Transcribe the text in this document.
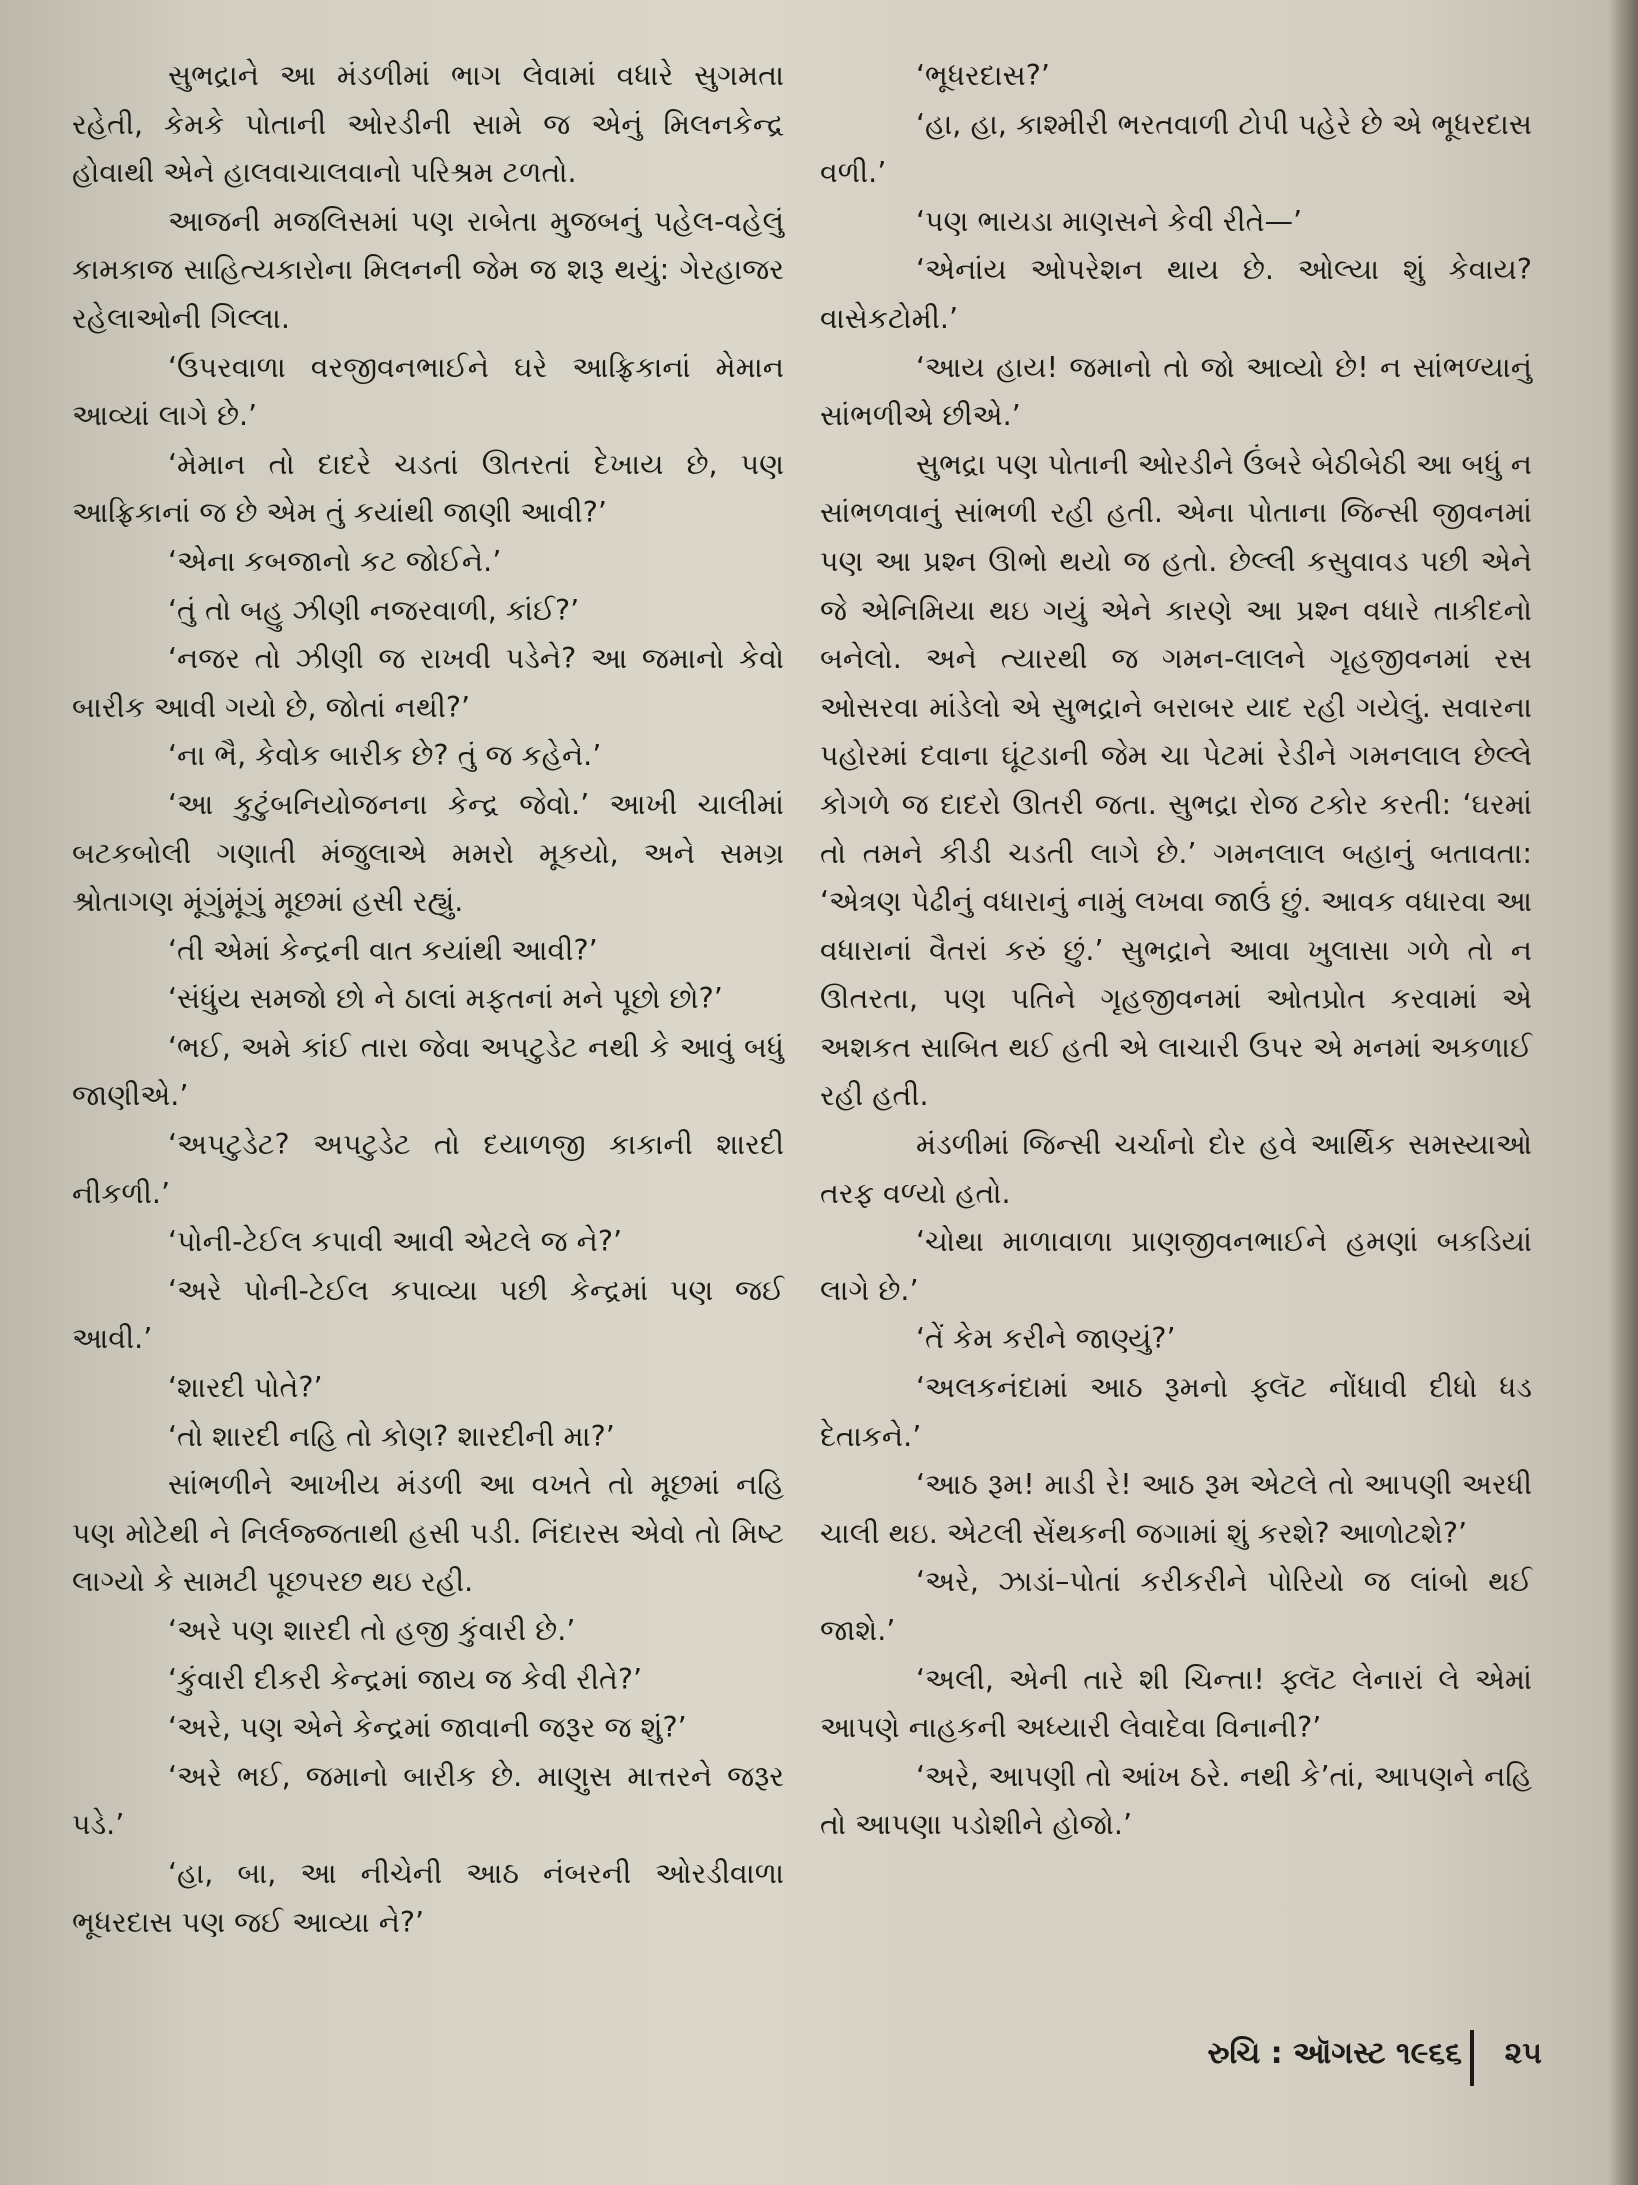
સુભદ્રાને આ મંડળીમાં ભાગ લેવામાં વધારે સુગમતા રહેતી, કેમકે પોતાની ઓરડીની સામે જ એનું મિલનકેન્દ્ર હોવાથી એને હાલવાચાલવાનો પરિશ્રમ ટળતો.

આજની મજલિસમાં પણ રાબેતા મુજબનું પહેલ-વહેલું કામકાજ સાહિત્યકારોના મિલનની જેમ જ શરૂ થયું: ગેરહાજર રહેલાઓની ગિલ્લા.

‘ઉપરવાળા વરજીવનભાઈને ઘરે આફ્રિકાનાં મેમાન આવ્યાં લાગે છે.’

‘મેમાન તો દાદરે ચડતાં ઊતરતાં દેખાય છે, પણ આફ્રિકાનાં જ છે એમ તું કયાંથી જાણી આવી?’

‘એના કબજાનો કટ જોઈને.’

‘તું તો બહુ ઝીણી નજરવાળી, કાંઈ?’

‘નજર તો ઝીણી જ રાખવી પડેને? આ જમાનો કેવો બારીક આવી ગયો છે, જોતાં નથી?’

‘ના ભૈ, કેવોક બારીક છે? તું જ કહેને.’

‘આ કુટુંબનિયોજનના કેન્દ્ર જેવો.’ આખી ચાલીમાં બટકબોલી ગણાતી મંજુલાએ મમરો મૂકયો, અને સમગ્ર શ્રોતાગણ મૂંગુંમૂંગું મૂછમાં હસી રહ્યું.

‘તી એમાં કેન્દ્રની વાત કયાંથી આવી?’

‘સંધુંય સમજો છો ને ઠાલાં મફતનાં મને પૂછો છો?’

‘ભઈ, અમે કાંઈ તારા જેવા અપટુડેટ નથી કે આવું બધું જાણીએ.’

‘અપટુડેટ? અપટુડેટ તો દયાળજી કાકાની શારદી નીકળી.’

‘પોની-ટેઈલ કપાવી આવી એટલે જ ને?’

‘અરે પોની-ટેઈલ કપાવ્યા પછી કેન્દ્રમાં પણ જઈ આવી.’

‘શારદી પોતે?’

‘તો શારદી નહિ તો કોણ? શારદીની મા?’

સાંભળીને આખીય મંડળી આ વખતે તો મૂછમાં નહિ પણ મોટેથી ને નિર્લજ્જતાથી હસી પડી. નિંદારસ એવો તો મિષ્ટ લાગ્યો કે સામટી પૂછપરછ થઇ રહી.

‘અરે પણ શારદી તો હજી કુંવારી છે.’

‘કુંવારી દીકરી કેન્દ્રમાં જાય જ કેવી રીતે?’

‘અરે, પણ એને કેન્દ્રમાં જાવાની જરૂર જ શું?’

‘અરે ભઈ, જમાનો બારીક છે. માણુસ માત્તરને જરૂર પડે.’

‘હા, બા, આ નીચેની આઠ નંબરની ઓરડીવાળા ભૂધરદાસ પણ જઈ આવ્યા ને?’

‘ભૂધરદાસ?’

‘હા, હા, કાશ્મીરી ભરતવાળી ટોપી પહેરે છે એ ભૂધરદાસ વળી.’

‘પણ ભાયડા માણસને કેવી રીતે—’

‘એનાંય ઓપરેશન થાય છે. ઓલ્યા શું કેવાય? વાસેકટોમી.’

‘આય હાય! જમાનો તો જો આવ્યો છે! ન સાંભળ્યાનું સાંભળીએ છીએ.’

સુભદ્રા પણ પોતાની ઓરડીને ઉંબરે બેઠીબેઠી આ બધું ન સાંભળવાનું સાંભળી રહી હતી. એના પોતાના જિન્સી જીવનમાં પણ આ પ્રશ્ન ઊભો થયો જ હતો. છેલ્લી કસુવાવડ પછી એને જે એનિમિયા થઇ ગયું એને કારણે આ પ્રશ્ન વધારે તાકીદનો બનેલો. અને ત્યારથી જ ગમન-લાલને ગૃહજીવનમાં રસ ઓસરવા માંડેલો એ સુભદ્રાને બરાબર યાદ રહી ગયેલું. સવારના પહોરમાં દવાના ઘૂંટડાની જેમ ચા પેટમાં રેડીને ગમનલાલ છેલ્લે કોગળે જ દાદરો ઊતરી જતા. સુભદ્રા રોજ ટકોર કરતી: ‘ઘરમાં તો તમને કીડી ચડતી લાગે છે.’ ગમનલાલ બહાનું બતાવતા: ‘એત્રણ પેઢીનું વધારાનું નામું લખવા જાઉં છું. આવક વધારવા આ વધારાનાં વૈતરાં કરું છું.’ સુભદ્રાને આવા ખુલાસા ગળે તો ન ઊતરતા, પણ પતિને ગૃહજીવનમાં ઓતપ્રોત કરવામાં એ અશકત સાબિત થઈ હતી એ લાચારી ઉપર એ મનમાં અકળાઈ રહી હતી.

મંડળીમાં જિન્સી ચર્ચાનો દોર હવે આર્થિક સમસ્યાઓ તરફ વળ્યો હતો.

‘ચોથા માળાવાળા પ્રાણજીવનભાઈને હમણાં બકડિયાં લાગે છે.’

‘તેં કેમ કરીને જાણ્યું?’

‘અલકનંદામાં આઠ રૂમનો ફ્લૅટ નોંધાવી દીધો ધડ દેતાકને.’

‘આઠ રૂમ! માડી રે! આઠ રૂમ એટલે તો આપણી અરધી ચાલી થઇ. એટલી સેંથકની જગામાં શું કરશે? આળોટશે?’

‘અરે, ઝાડાં–પોતાં કરીકરીને પોરિયો જ લાંબો થઈ જાશે.’

‘અલી, એની તારે શી ચિન્તા! ફ્લૅટ લેનારાં લે એમાં આપણે નાહકની અધ્યારી લેવાદેવા વિનાની?’

‘અરે, આપણી તો આંખ ઠરે. નથી કે’તાં, આપણને નહિ તો આપણા પડોશીને હોજો.’

રુચિ : ઑગસ્ટ ૧૯૬૬ ૨૫
